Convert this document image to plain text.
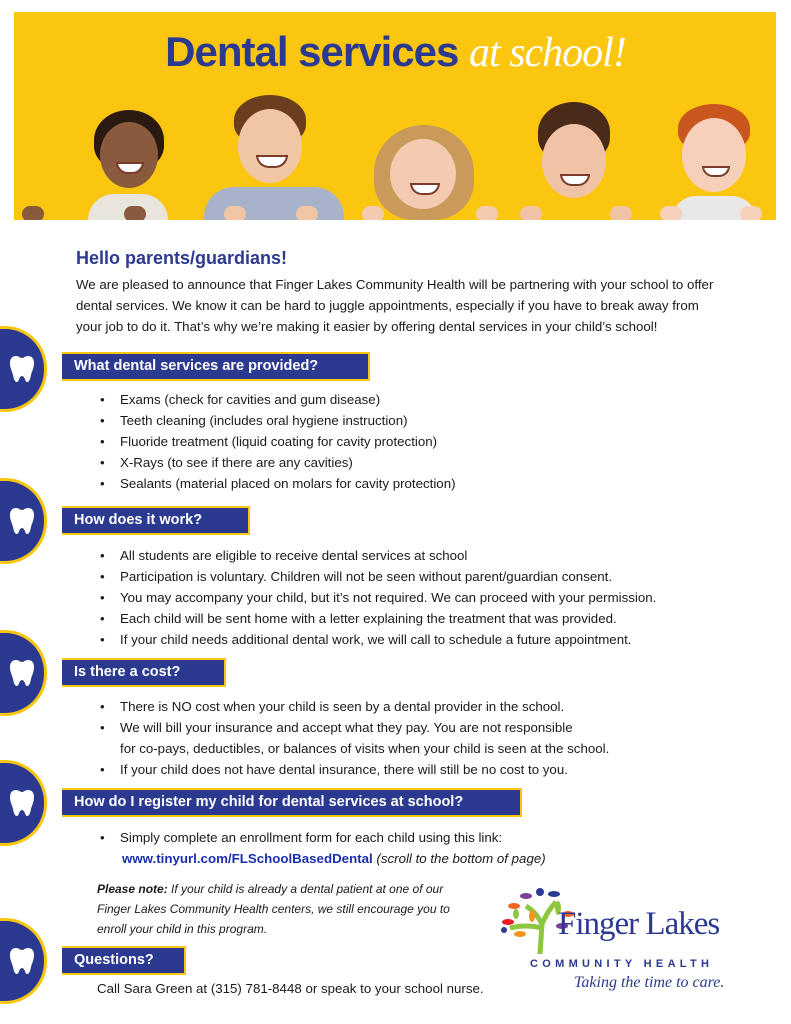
Dental services at school!
Hello parents/guardians!
We are pleased to announce that Finger Lakes Community Health will be partnering with your school to offer
dental services. We know it can be hard to juggle appointments, especially if you have to break away from
your job to do it. That’s why we’re making it easier by offering dental services in your child’s school!
What dental services are provided?
• Exams (check for cavities and gum disease)
• Teeth cleaning (includes oral hygiene instruction)
• Fluoride treatment (liquid coating for cavity protection)
• X-Rays (to see if there are any cavities)
• Sealants (material placed on molars for cavity protection)
How does it work?
• All students are eligible to receive dental services at school
• Participation is voluntary. Children will not be seen without parent/guardian consent.
• You may accompany your child, but it’s not required. We can proceed with your permission.
• Each child will be sent home with a letter explaining the treatment that was provided.
• If your child needs additional dental work, we will call to schedule a future appointment.
Is there a cost?
• There is NO cost when your child is seen by a dental provider in the school.
• We will bill your insurance and accept what they pay. You are not responsible
for co-pays, deductibles, or balances of visits when your child is seen at the school.
• If your child does not have dental insurance, there will still be no cost to you.
How do I register my child for dental services at school?
• Simply complete an enrollment form for each child using this link:
www.tinyurl.com/FLSchoolBasedDental (scroll to the bottom of page)
Please note: If your child is already a dental patient at one of our Finger Lakes Community Health centers, we still encourage you to enroll your child in this program.
Questions?
Call Sara Green at (315) 781-8448 or speak to your school nurse.
Finger Lakes
COMMUNITY HEALTH
Taking the time to care.
